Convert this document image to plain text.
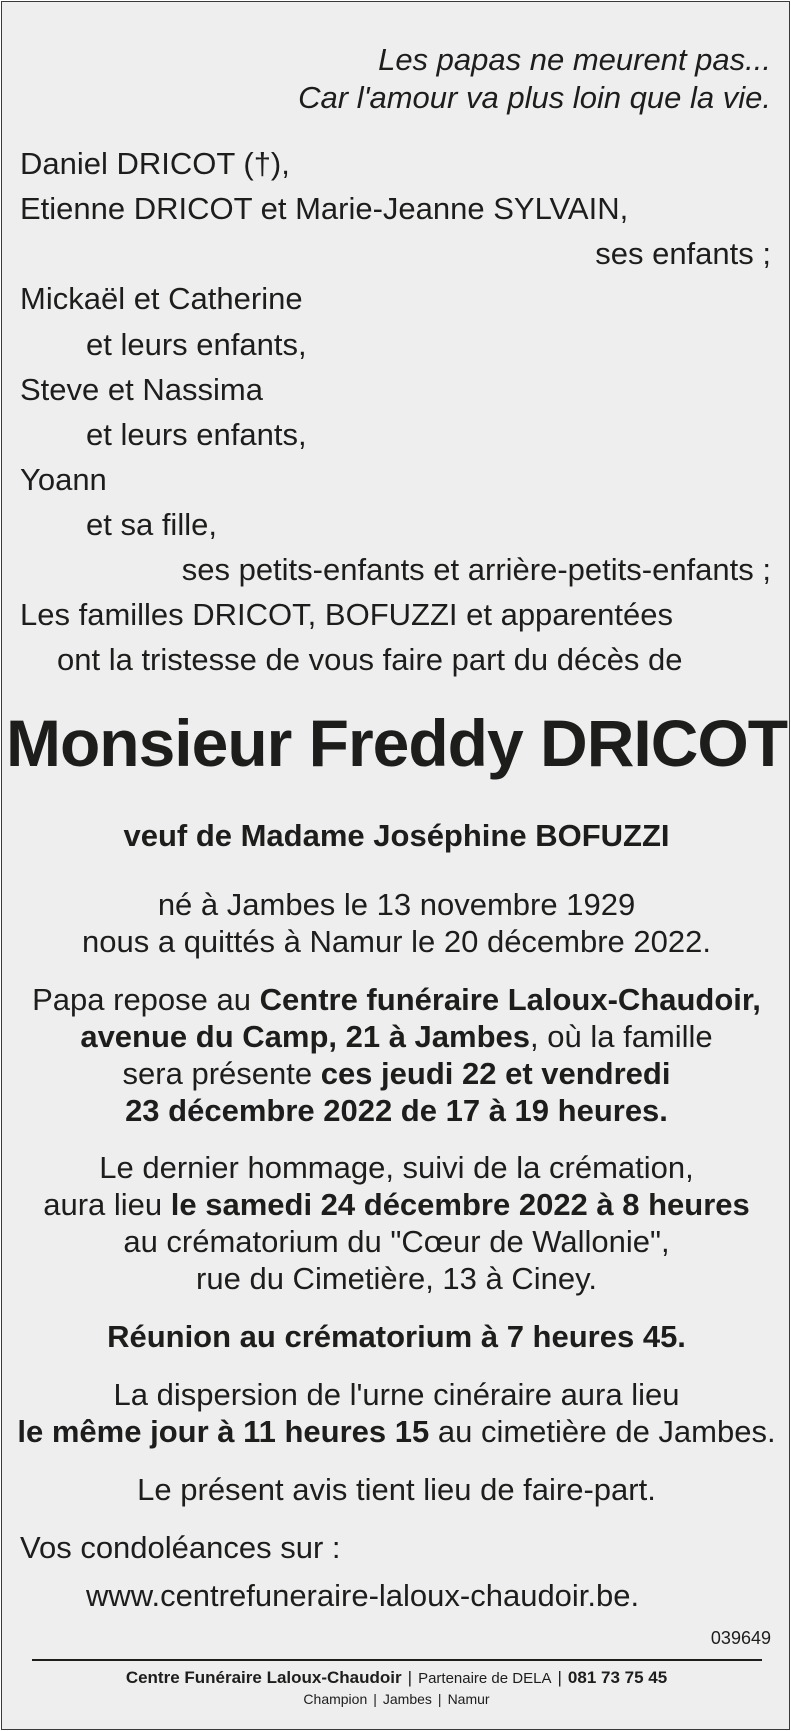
Les papas ne meurent pas...
Car l'amour va plus loin que la vie.
Daniel DRICOT (†),
Etienne DRICOT et Marie-Jeanne SYLVAIN,
ses enfants ;
Mickaël et Catherine
et leurs enfants,
Steve et Nassima
et leurs enfants,
Yoann
et sa fille,
ses petits-enfants et arrière-petits-enfants ;
Les familles DRICOT, BOFUZZI et apparentées
ont la tristesse de vous faire part du décès de
Monsieur Freddy DRICOT
veuf de Madame Joséphine BOFUZZI
né à Jambes le 13 novembre 1929
nous a quittés à Namur le 20 décembre 2022.
Papa repose au Centre funéraire Laloux-Chaudoir,
avenue du Camp, 21 à Jambes, où la famille
sera présente ces jeudi 22 et vendredi
23 décembre 2022 de 17 à 19 heures.
Le dernier hommage, suivi de la crémation,
aura lieu le samedi 24 décembre 2022 à 8 heures
au crématorium du "Cœur de Wallonie",
rue du Cimetière, 13 à Ciney.
Réunion au crématorium à 7 heures 45.
La dispersion de l'urne cinéraire aura lieu
le même jour à 11 heures 15 au cimetière de Jambes.
Le présent avis tient lieu de faire-part.
Vos condoléances sur :
www.centrefuneraire-laloux-chaudoir.be.
039649
Centre Funéraire Laloux-Chaudoir | Partenaire de DELA | 081 73 75 45
Champion | Jambes | Namur
